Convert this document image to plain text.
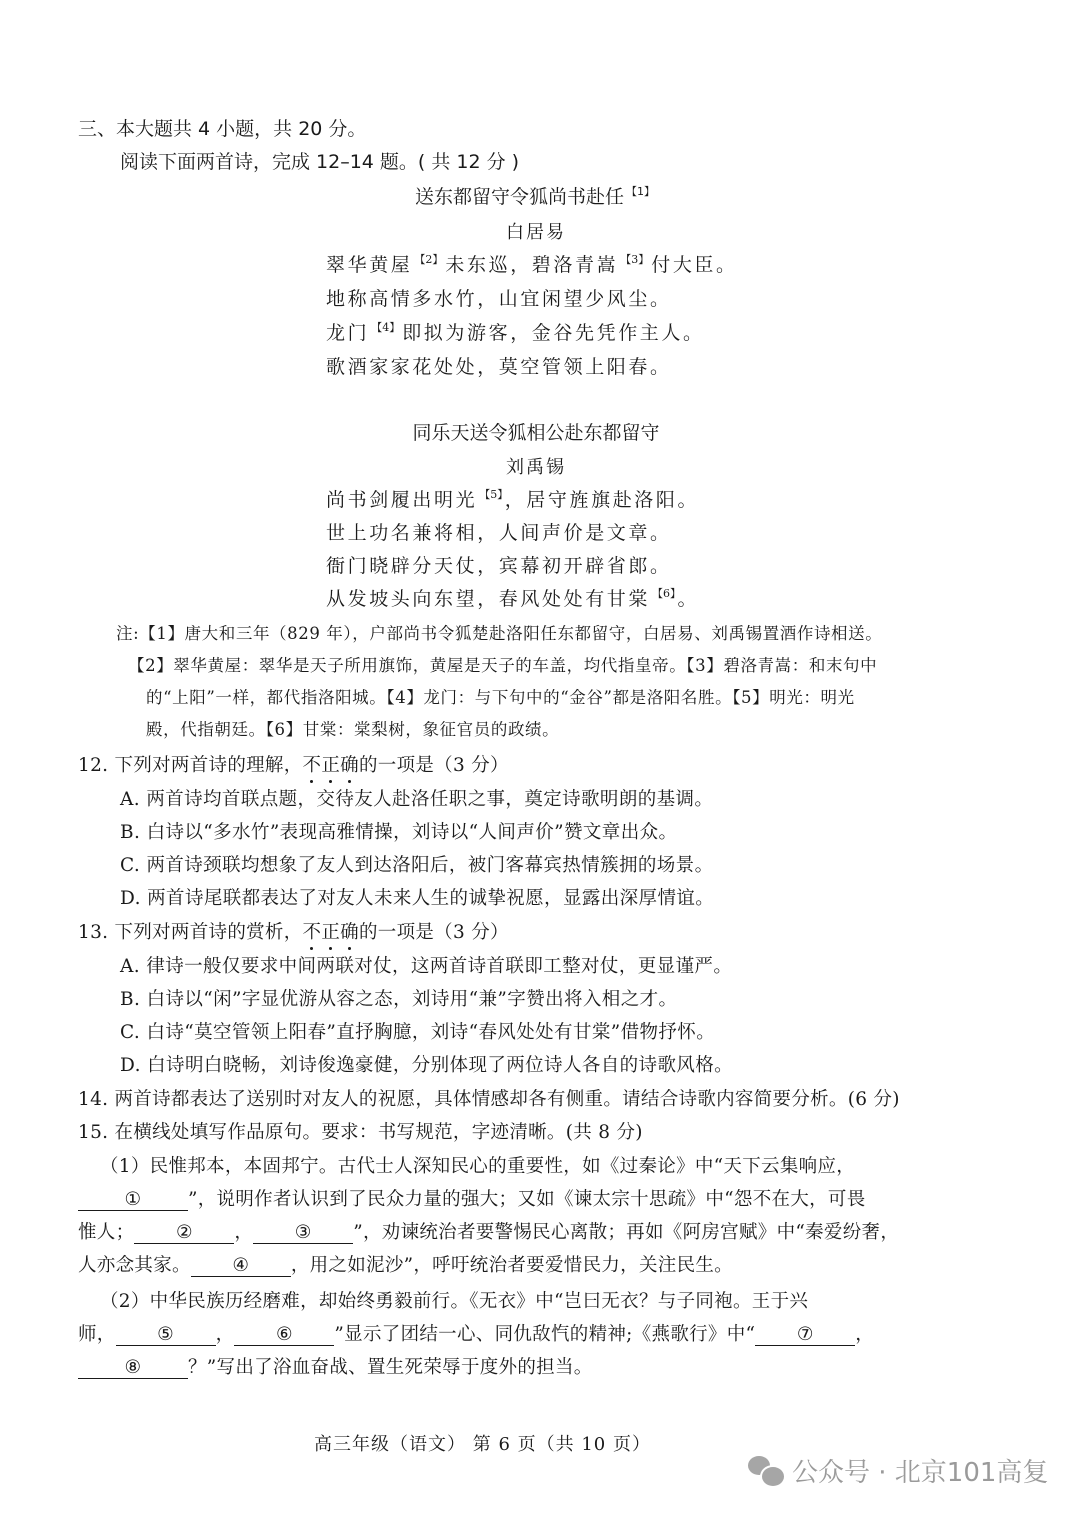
三、本大题共 4 小题，共 20 分。
阅读下面两首诗，完成 12–14 题。( 共 12 分 )
送东都留守令狐尚书赴任 $^{【1】}$
白居易
翠华黄屋 $^{【2】}$ 未东巡，碧洛青嵩 $^{【3】}$ 付大臣。
地称高情多水竹，山宜闲望少风尘。
龙门 $^{【4】}$ 即拟为游客，金谷先凭作主人。
歌酒家家花处处，莫空管领上阳春。
同乐天送令狐相公赴东都留守
刘禹锡
尚书剑履出明光 $^{【5】}$ ，居守旌旗赴洛阳。
世上功名兼将相，人间声价是文章。
衙门晓辟分天仗，宾幕初开辟省郎。
从发坡头向东望，春风处处有甘棠 $^{【6】}$ 。
注:【1】唐大和三年（829 年），户部尚书令狐楚赴洛阳任东都留守，白居易、刘禹锡置酒作诗相送。
【2】翠华黄屋：翠华是天子所用旗饰，黄屋是天子的车盖，均代指皇帝。【3】碧洛青嵩：和末句中
的“上阳”一样，都代指洛阳城。【4】龙门：与下句中的“金谷”都是洛阳名胜。【5】明光：明光
殿，代指朝廷。【6】甘棠：棠梨树，象征官员的政绩。
12. 下列对两首诗的理解，不正确的一项是（3 分）
A. 两首诗均首联点题，交待友人赴洛任职之事，奠定诗歌明朗的基调。
B. 白诗以“多水竹”表现高雅情操，刘诗以“人间声价”赞文章出众。
C. 两首诗颈联均想象了友人到达洛阳后，被门客幕宾热情簇拥的场景。
D. 两首诗尾联都表达了对友人未来人生的诚挚祝愿，显露出深厚情谊。
13. 下列对两首诗的赏析，不正确的一项是（3 分）
A. 律诗一般仅要求中间两联对仗，这两首诗首联即工整对仗，更显谨严。
B. 白诗以“闲”字显优游从容之态，刘诗用“兼”字赞出将入相之才。
C. 白诗“莫空管领上阳春”直抒胸臆，刘诗“春风处处有甘棠”借物抒怀。
D. 白诗明白晓畅，刘诗俊逸豪健，分别体现了两位诗人各自的诗歌风格。
14. 两首诗都表达了送别时对友人的祝愿，具体情感却各有侧重。请结合诗歌内容简要分析。(6 分)
15. 在横线处填写作品原句。要求：书写规范，字迹清晰。(共 8 分)
（1）民惟邦本，本固邦宁。古代士人深知民心的重要性，如《过秦论》中“天下云集响应，
①	”，说明作者认识到了民众力量的强大；又如《谏太宗十思疏》中“怨不在大，可畏
惟人； ② ， ③ ”，劝谏统治者要警惕民心离散；再如《阿房宫赋》中“秦爱纷奢，
人亦念其家。 ④ ，用之如泥沙”，呼吁统治者要爱惜民力，关注民生。
（2）中华民族历经磨难，却始终勇毅前行。《无衣》中“岂曰无衣？与子同袍。王于兴
师， ⑤ ， ⑥ ”显示了团结一心、同仇敌忾的精神;《燕歌行》中“ ⑦ ，
⑧	？”写出了浴血奋战、置生死荣辱于度外的担当。
高三年级（语文） 第 6 页（共 10 页）
公众号 · 北京101高复
